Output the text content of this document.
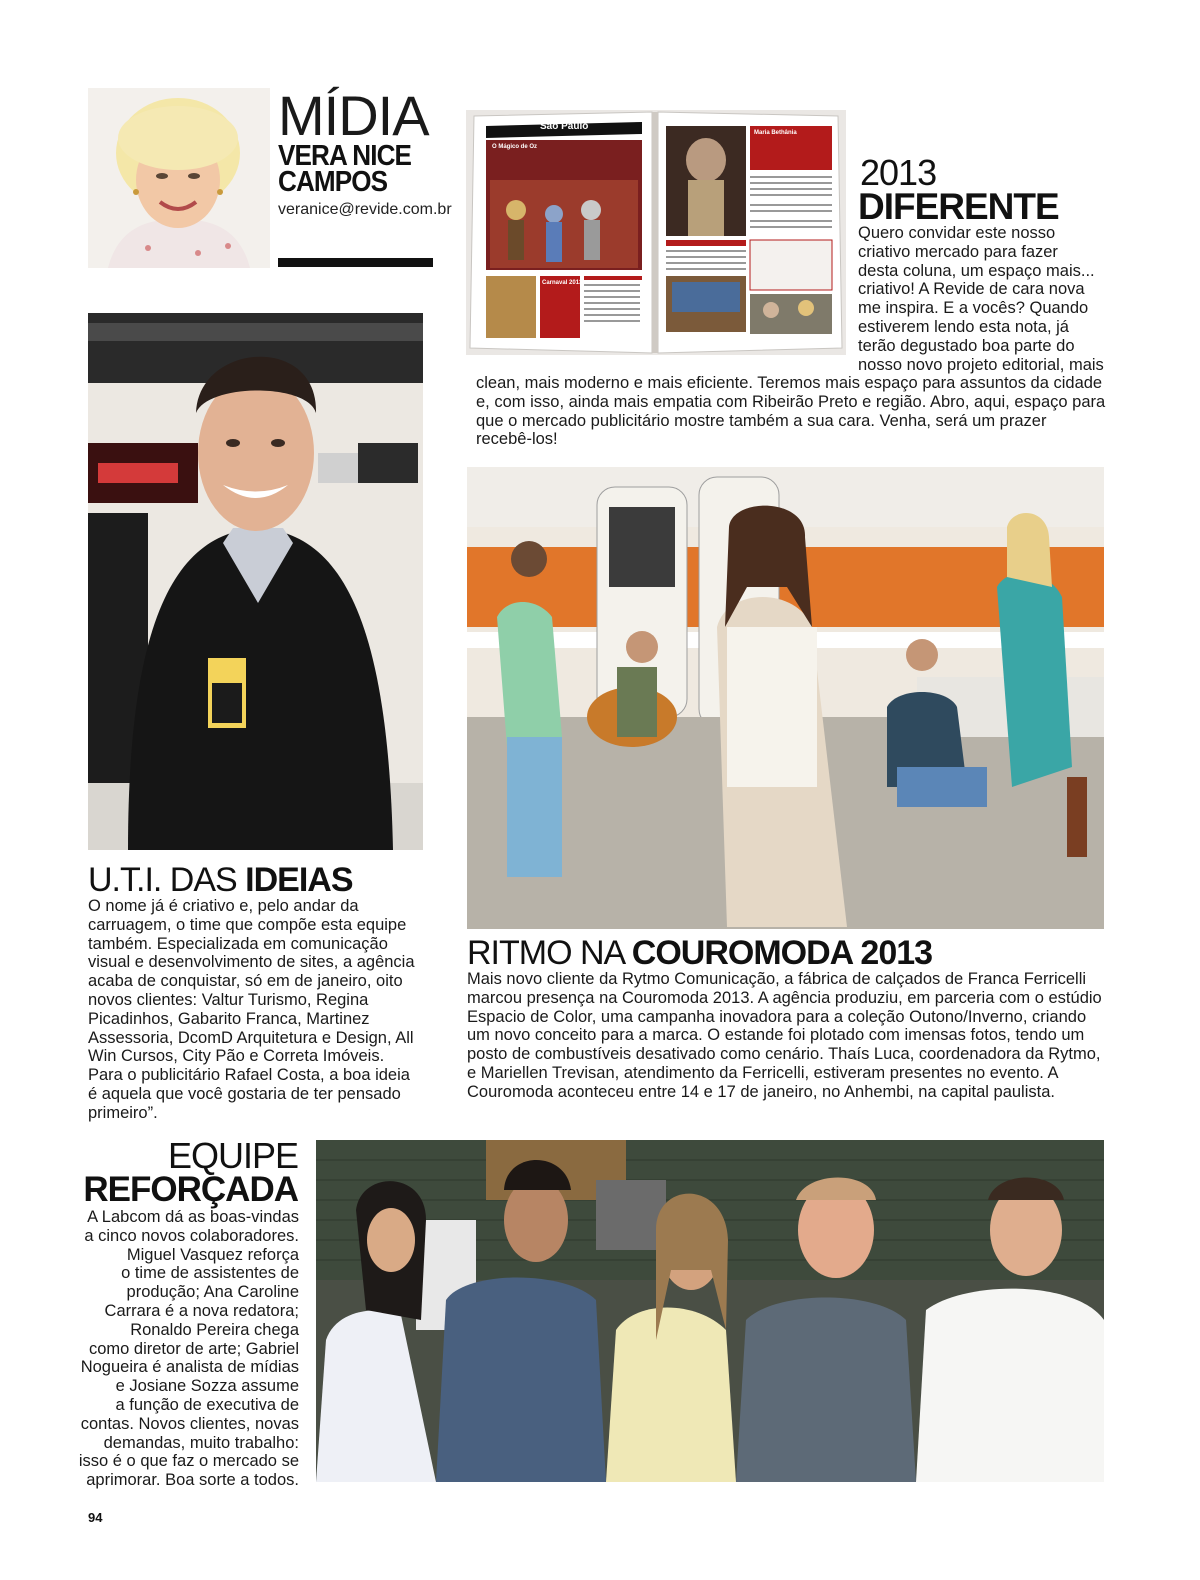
MÍDIA
VERA NICE
CAMPOS
veranice@revide.com.br
São Paulo
O Mágico de Oz
Carnaval 2013
Maria Bethânia
2013
DIFERENTE
Quero convidar este nosso
criativo mercado para fazer
desta coluna, um espaço mais...
criativo! A Revide de cara nova
me inspira. E a vocês? Quando
estiverem lendo esta nota, já
terão degustado boa parte do
nosso novo projeto editorial, mais

clean, mais moderno e mais eficiente. Teremos mais espaço para assuntos da cidade e, com isso, ainda mais empatia com Ribeirão Preto e região. Abro, aqui, espaço para que o mercado publicitário mostre também a sua cara. Venha, será um prazer recebê-los!

U.T.I. DAS IDEIAS

O nome já é criativo e, pelo andar da carruagem, o time que compõe esta equipe também. Especializada em comunicação visual e desenvolvimento de sites, a agência acaba de conquistar, só em de janeiro, oito novos clientes: Valtur Turismo, Regina Picadinhos, Gabarito Franca, Martinez Assessoria, DcomD Arquitetura e Design, All Win Cursos, City Pão e Correta Imóveis. Para o publicitário Rafael Costa, a boa ideia é aquela que você gostaria de ter pensado primeiro”.

RITMO NA COUROMODA 2013

Mais novo cliente da Rytmo Comunicação, a fábrica de calçados de Franca Ferricelli marcou presença na Couromoda 2013. A agência produziu, em parceria com o estúdio Espacio de Color, uma campanha inovadora para a coleção Outono/Inverno, criando um novo conceito para a marca. O estande foi plotado com imensas fotos, tendo um posto de combustíveis desativado como cenário. Thaís Luca, coordenadora da Rytmo, e Mariellen Trevisan, atendimento da Ferricelli, estiveram presentes no evento. A Couromoda aconteceu entre 14 e 17 de janeiro, no Anhembi, na capital paulista.

EQUIPE
REFORÇADA
A Labcom dá as boas-vindas
a cinco novos colaboradores.
Miguel Vasquez reforça
o time de assistentes de
produção; Ana Caroline
Carrara é a nova redatora;
Ronaldo Pereira chega
como diretor de arte; Gabriel
Nogueira é analista de mídias
e Josiane Sozza assume
a função de executiva de
contas. Novos clientes, novas
demandas, muito trabalho:
isso é o que faz o mercado se
aprimorar. Boa sorte a todos.
94
